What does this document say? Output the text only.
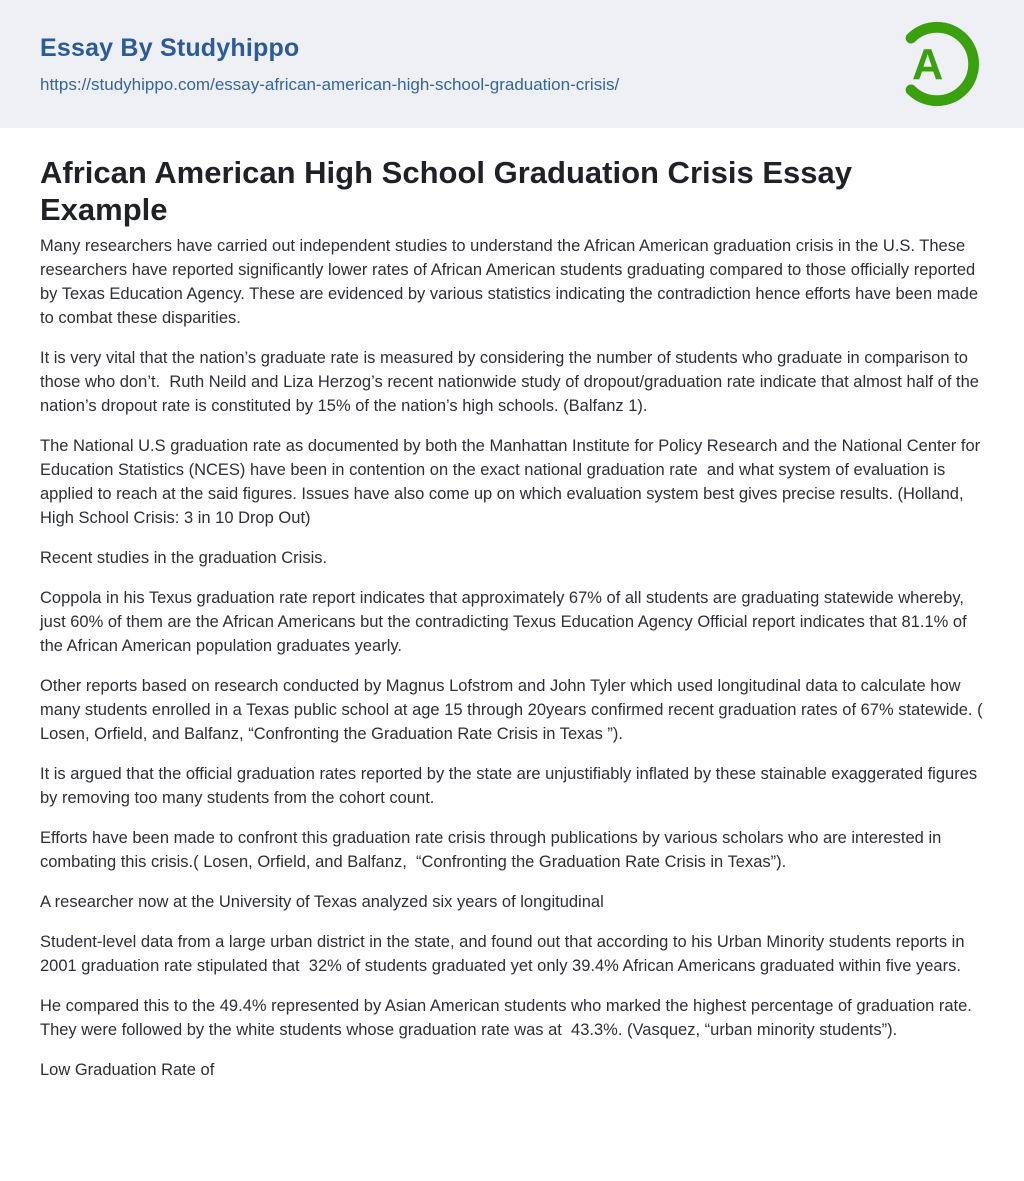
Essay By Studyhippo
https://studyhippo.com/essay-african-american-high-school-graduation-crisis/	A
African American High School Graduation Crisis Essay Example

Many researchers have carried out independent studies to understand the African American graduation crisis in the U.S. These researchers have reported significantly lower rates of African American students graduating compared to those officially reported by Texas Education Agency. These are evidenced by various statistics indicating the contradiction hence efforts have been made to combat these disparities.

It is very vital that the nation’s graduate rate is measured by considering the number of students who graduate in comparison to those who don’t.  Ruth Neild and Liza Herzog’s recent nationwide study of dropout/graduation rate indicate that almost half of the nation’s dropout rate is constituted by 15% of the nation’s high schools. (Balfanz 1).

The National U.S graduation rate as documented by both the Manhattan Institute for Policy Research and the National Center for Education Statistics (NCES) have been in contention on the exact national graduation rate  and what system of evaluation is applied to reach at the said figures. Issues have also come up on which evaluation system best gives precise results. (Holland, High School Crisis: 3 in 10 Drop Out)

Recent studies in the graduation Crisis.

Coppola in his Texus graduation rate report indicates that approximately 67% of all students are graduating statewide whereby, just 60% of them are the African Americans but the contradicting Texus Education Agency Official report indicates that 81.1% of the African American population graduates yearly.

Other reports based on research conducted by Magnus Lofstrom and John Tyler which used longitudinal data to calculate how many students enrolled in a Texas public school at age 15 through 20years confirmed recent graduation rates of 67% statewide. ( Losen, Orfield, and Balfanz, “Confronting the Graduation Rate Crisis in Texas ”).

It is argued that the official graduation rates reported by the state are unjustifiably inflated by these stainable exaggerated figures by removing too many students from the cohort count.

Efforts have been made to confront this graduation rate crisis through publications by various scholars who are interested in combating this crisis.( Losen, Orfield, and Balfanz,  “Confronting the Graduation Rate Crisis in Texas”).

A researcher now at the University of Texas analyzed six years of longitudinal

Student-level data from a large urban district in the state, and found out that according to his Urban Minority students reports in  2001 graduation rate stipulated that  32% of students graduated yet only 39.4% African Americans graduated within five years.

He compared this to the 49.4% represented by Asian American students who marked the highest percentage of graduation rate. They were followed by the white students whose graduation rate was at  43.3%. (Vasquez, “urban minority students”).

Low Graduation Rate of
